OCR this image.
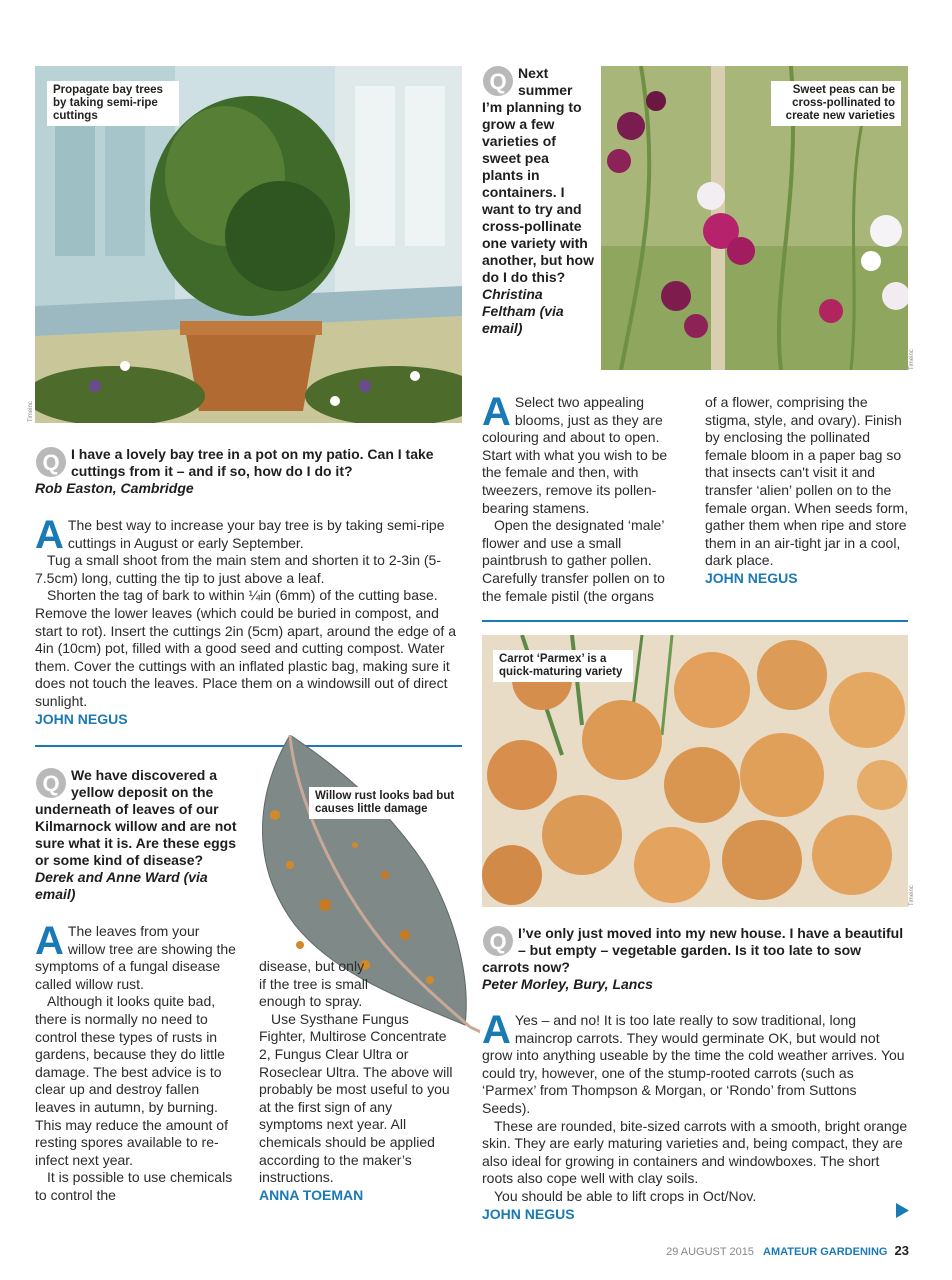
Propagate bay trees by taking semi-ripe cuttings
Timeinc
Q I have a lovely bay tree in a pot on my patio. Can I take cuttings from it – and if so, how do I do it?
Rob Easton, Cambridge

A The best way to increase your bay tree is by taking semi-ripe cuttings in August or early September.

Tug a small shoot from the main stem and shorten it to 2-3in (5-7.5cm) long, cutting the tip to just above a leaf.

Shorten the tag of bark to within ¼in (6mm) of the cutting base. Remove the lower leaves (which could be buried in compost, and start to rot). Insert the cuttings 2in (5cm) apart, around the edge of a 4in (10cm) pot, filled with a good seed and cutting compost. Water them. Cover the cuttings with an inflated plastic bag, making sure it does not touch the leaves. Place them on a windowsill out of direct sunlight.

JOHN NEGUS
Q Next summer I’m planning to grow a few varieties of sweet pea plants in containers. I want to try and cross-pollinate one variety with another, but how do I do this?
Christina Feltham (via email)
Sweet peas can be cross-pollinated to create new varieties
Timeinc

A Select two appealing blooms, just as they are colouring and about to open. Start with what you wish to be the female and then, with tweezers, remove its pollen-bearing stamens.

Open the designated ‘male’ flower and use a small paintbrush to gather pollen. Carefully transfer pollen on to the female pistil (the organs

of a flower, comprising the stigma, style, and ovary). Finish by enclosing the pollinated female bloom in a paper bag so that insects can't visit it and transfer ‘alien’ pollen on to the female organ. When seeds form, gather them when ripe and store them in an air-tight jar in a cool, dark place.

JOHN NEGUS
Willow rust looks bad but causes little damage
Timeinc
Q We have discovered a yellow deposit on the underneath of leaves of our Kilmarnock willow and are not sure what it is. Are these eggs or some kind of disease?
Derek and Anne Ward (via email)

A The leaves from your willow tree are showing the symptoms of a fungal disease called willow rust.

Although it looks quite bad, there is normally no need to control these types of rusts in gardens, because they do little damage. The best advice is to clear up and destroy fallen leaves in autumn, by burning. This may reduce the amount of resting spores available to re-infect next year.

It is possible to use chemicals to control the

disease, but only if the tree is small enough to spray.

Use Systhane Fungus Fighter, Multirose Concentrate 2, Fungus Clear Ultra or Roseclear Ultra. The above will probably be most useful to you at the first sign of any symptoms next year. All chemicals should be applied according to the maker’s instructions.

ANNA TOEMAN
Carrot ‘Parmex’ is a quick-maturing variety
Timeinc
Q I’ve only just moved into my new house. I have a beautiful – but empty – vegetable garden. Is it too late to sow carrots now?
Peter Morley, Bury, Lancs

A Yes – and no! It is too late really to sow traditional, long maincrop carrots. They would germinate OK, but would not grow into anything useable by the time the cold weather arrives. You could try, however, one of the stump-rooted carrots (such as ‘Parmex’ from Thompson & Morgan, or ‘Rondo’ from Suttons Seeds).

These are rounded, bite-sized carrots with a smooth, bright orange skin. They are early maturing varieties and, being compact, they are also ideal for growing in containers and windowboxes. The short roots also cope well with clay soils.

You should be able to lift crops in Oct/Nov.

JOHN NEGUS
29 AUGUST 2015 AMATEUR GARDENING 23
